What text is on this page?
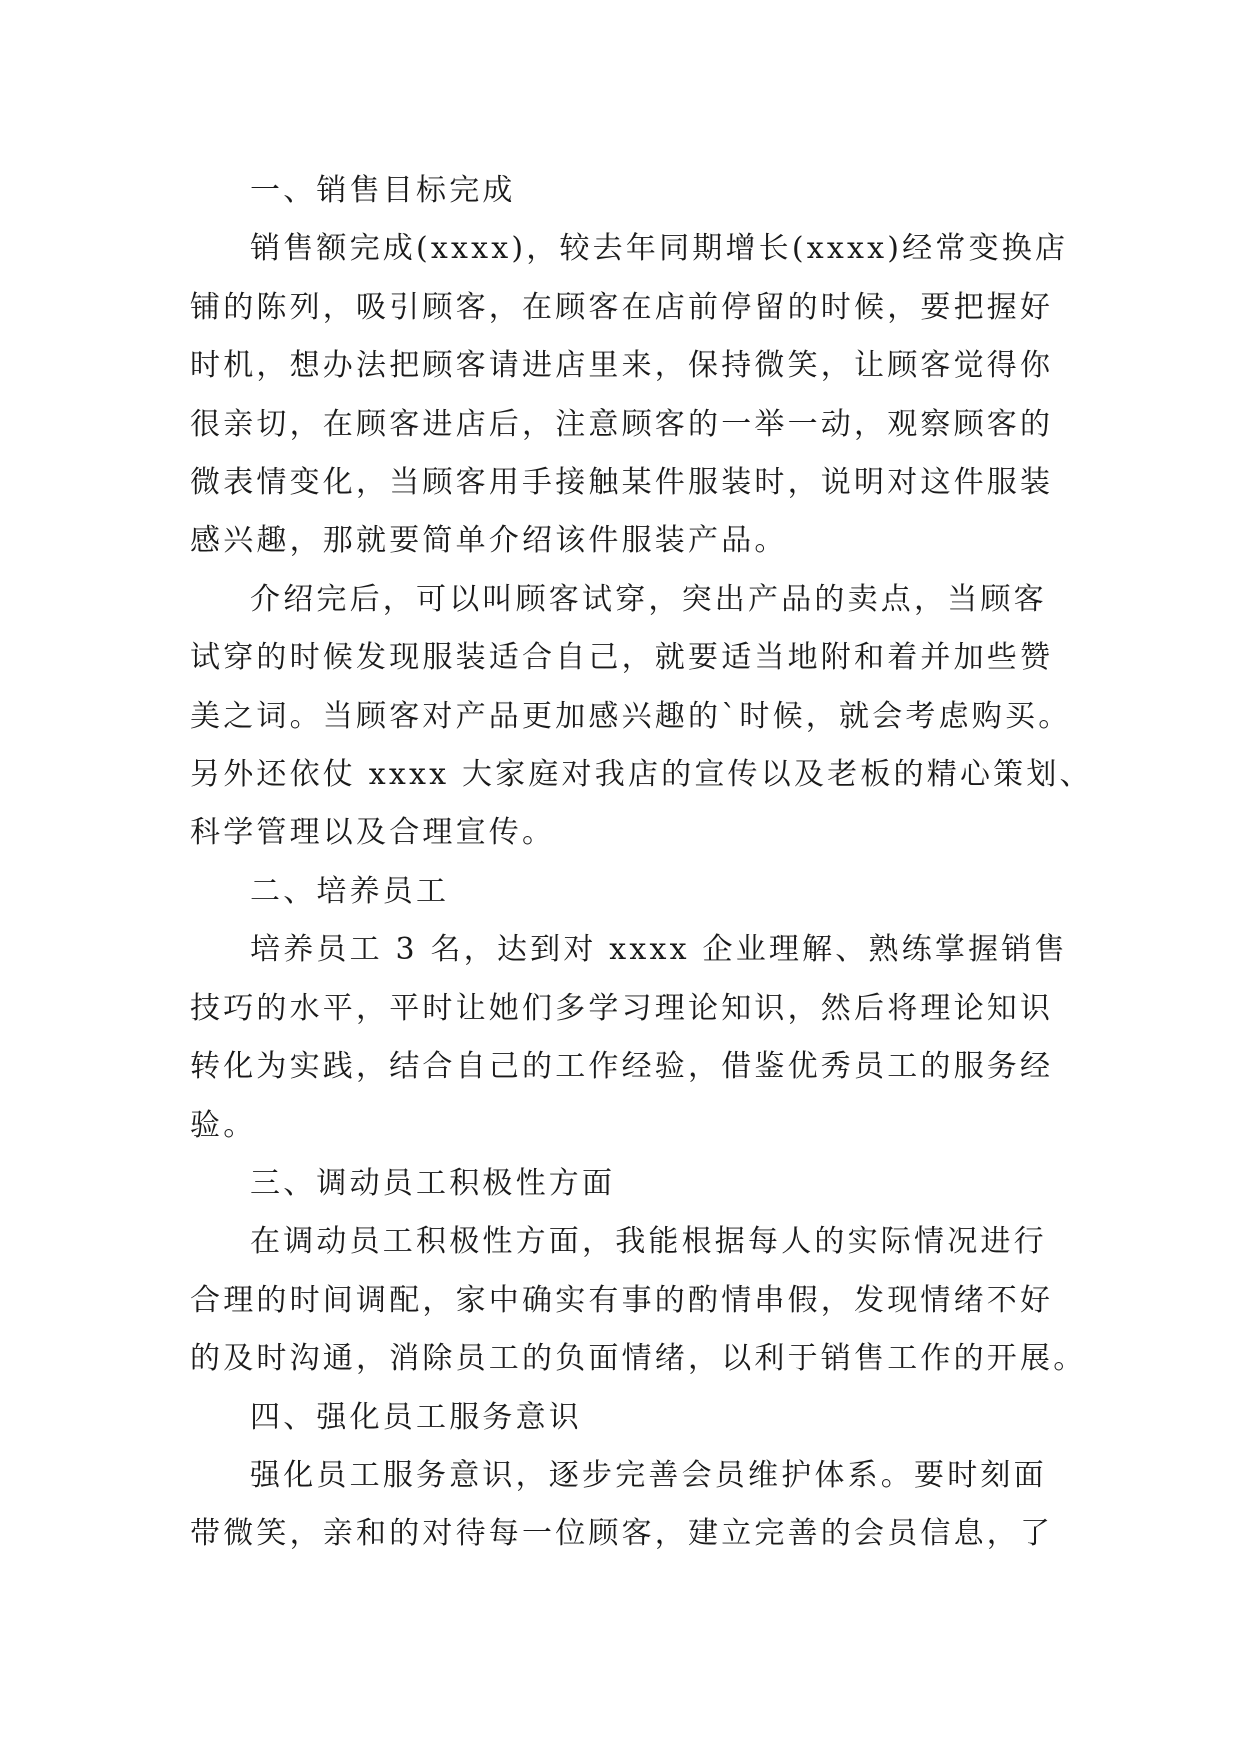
一、销售目标完成

销售额完成(xxxx)，较去年同期增长(xxxx)经常变换店
铺的陈列，吸引顾客，在顾客在店前停留的时候，要把握好
时机，想办法把顾客请进店里来，保持微笑，让顾客觉得你
很亲切，在顾客进店后，注意顾客的一举一动，观察顾客的
微表情变化，当顾客用手接触某件服装时，说明对这件服装
感兴趣，那就要简单介绍该件服装产品。

介绍完后，可以叫顾客试穿，突出产品的卖点，当顾客
试穿的时候发现服装适合自己，就要适当地附和着并加些赞
美之词。当顾客对产品更加感兴趣的`时候，就会考虑购买。
另外还依仗 xxxx 大家庭对我店的宣传以及老板的精心策划、
科学管理以及合理宣传。

二、培养员工

培养员工 3 名，达到对 xxxx 企业理解、熟练掌握销售
技巧的水平，平时让她们多学习理论知识，然后将理论知识
转化为实践，结合自己的工作经验，借鉴优秀员工的服务经
验。

三、调动员工积极性方面

在调动员工积极性方面，我能根据每人的实际情况进行
合理的时间调配，家中确实有事的酌情串假，发现情绪不好
的及时沟通，消除员工的负面情绪，以利于销售工作的开展。

四、强化员工服务意识

强化员工服务意识，逐步完善会员维护体系。要时刻面
带微笑，亲和的对待每一位顾客，建立完善的会员信息，了
